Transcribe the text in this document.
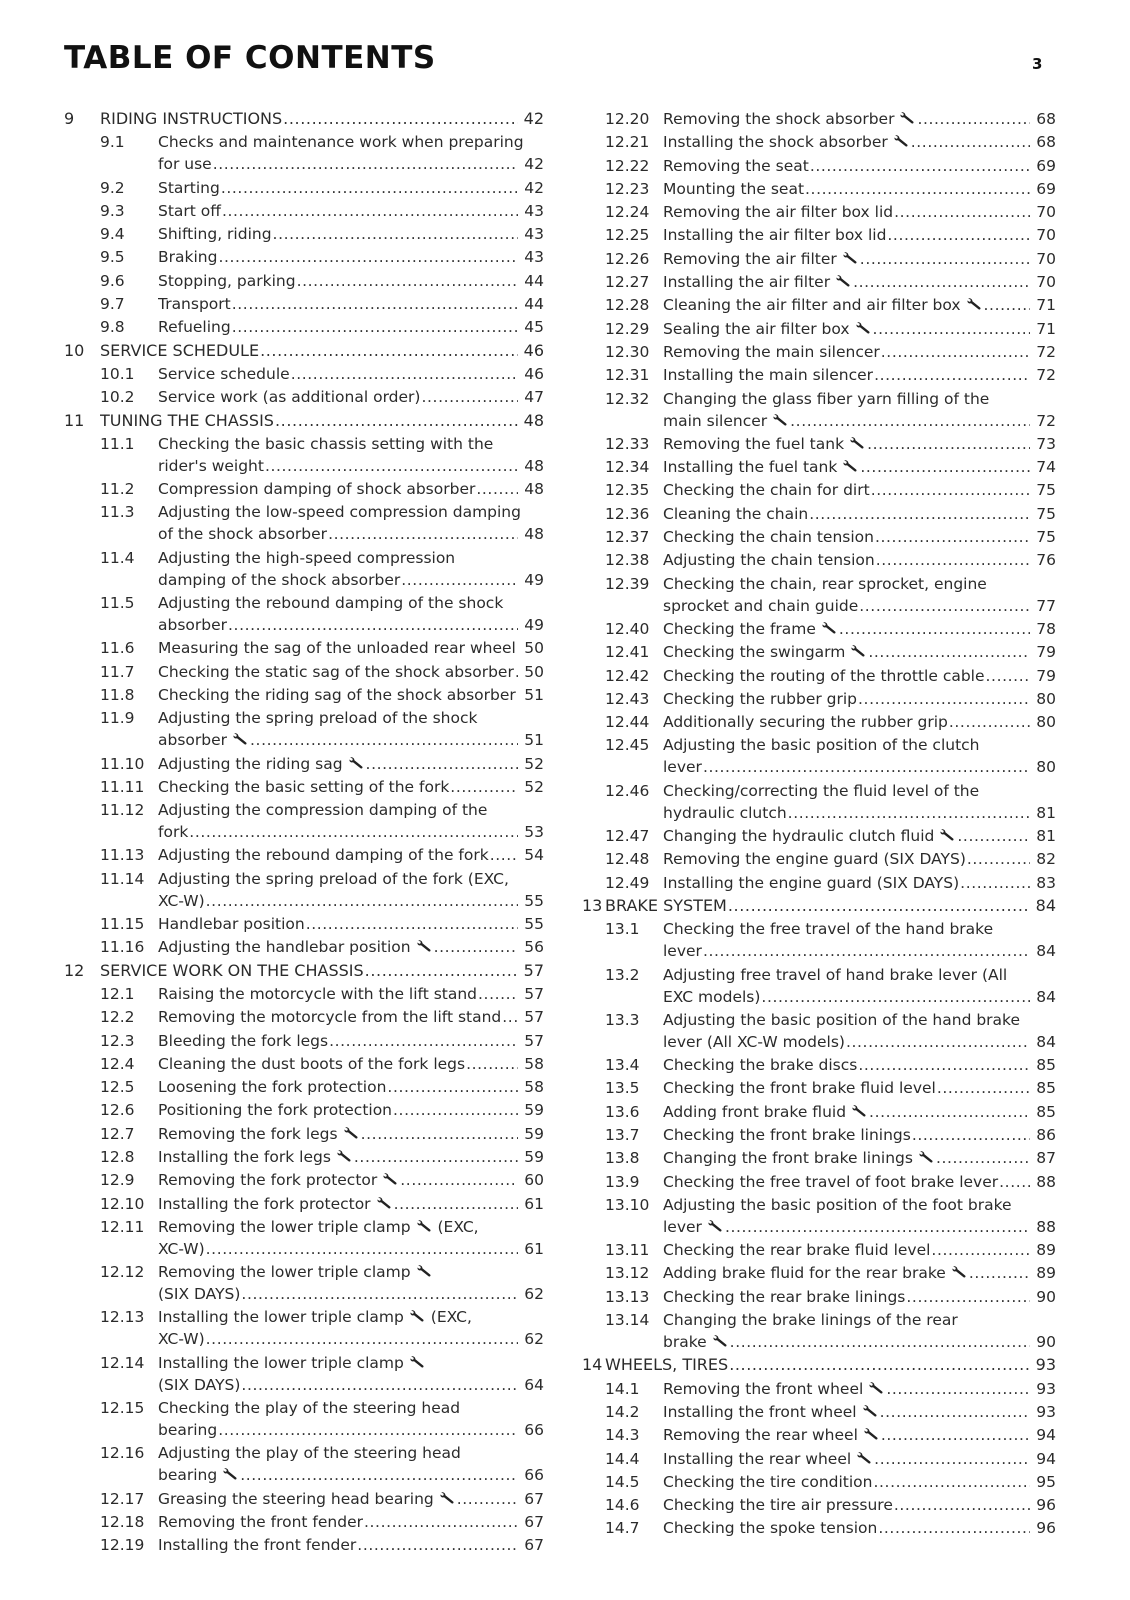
TABLE OF CONTENTS	3
9 RIDING INSTRUCTIONS .....	42
9.1 Checks and maintenance work when preparing
for use .....	42
9.2 Starting .....	42
9.3 Start off .....	43
9.4 Shifting, riding .....	43
9.5 Braking .....	43
9.6 Stopping, parking .....	44
9.7 Transport .....	44
9.8 Refueling .....	45
10 SERVICE SCHEDULE .....	46
10.1 Service schedule .....	46
10.2 Service work (as additional order) .....	47
11 TUNING THE CHASSIS .....	48
11.1 Checking the basic chassis setting with the
rider's weight .....	48
11.2 Compression damping of shock absorber .....	48
11.3 Adjusting the low-speed compression damping
of the shock absorber .....	48
11.4 Adjusting the high-speed compression
damping of the shock absorber .....	49
11.5 Adjusting the rebound damping of the shock
absorber .....	49
11.6 Measuring the sag of the unloaded rear wheel ..... 50
11.7 Checking the static sag of the shock absorber ..... 50
11.8 Checking the riding sag of the shock absorber ..... 51
11.9 Adjusting the spring preload of the shock
absorber .....	51
11.10 Adjusting the riding sag .....	52
11.11 Checking the basic setting of the fork .....	52
11.12 Adjusting the compression damping of the
fork .....	53
11.13 Adjusting the rebound damping of the fork ..... 54
11.14 Adjusting the spring preload of the fork (EXC,
XC-W) .....	55
11.15 Handlebar position .....	55
11.16 Adjusting the handlebar position .....	56
12 SERVICE WORK ON THE CHASSIS .....	57
12.1 Raising the motorcycle with the lift stand .....	57
12.2 Removing the motorcycle from the lift stand ..... 57
12.3 Bleeding the fork legs .....	57
12.4 Cleaning the dust boots of the fork legs .....	58
12.5 Loosening the fork protection .....	58
12.6 Positioning the fork protection .....	59
12.7 Removing the fork legs .....	59
12.8 Installing the fork legs .....	59
12.9 Removing the fork protector .....	60
12.10 Installing the fork protector .....	61
12.11 Removing the lower triple clamp (EXC,
XC-W) .....	61
12.12 Removing the lower triple clamp
(SIX DAYS) .....	62
12.13 Installing the lower triple clamp (EXC,
XC-W) .....	62
12.14 Installing the lower triple clamp
(SIX DAYS) .....	64
12.15 Checking the play of the steering head
bearing .....	66
12.16 Adjusting the play of the steering head
bearing .....	66
12.17 Greasing the steering head bearing .....	67
12.18 Removing the front fender .....	67
12.19 Installing the front fender .....	67
12.20 Removing the shock absorber .....	68
12.21 Installing the shock absorber .....	68
12.22 Removing the seat .....	69
12.23 Mounting the seat .....	69
12.24 Removing the air filter box lid .....	70
12.25 Installing the air filter box lid .....	70
12.26 Removing the air filter .....	70
12.27 Installing the air filter .....	70
12.28 Cleaning the air filter and air filter box .....	71
12.29 Sealing the air filter box .....	71
12.30 Removing the main silencer .....	72
12.31 Installing the main silencer .....	72
12.32 Changing the glass fiber yarn filling of the
main silencer .....	72
12.33 Removing the fuel tank .....	73
12.34 Installing the fuel tank .....	74
12.35 Checking the chain for dirt .....	75
12.36 Cleaning the chain .....	75
12.37 Checking the chain tension .....	75
12.38 Adjusting the chain tension .....	76
12.39 Checking the chain, rear sprocket, engine
sprocket and chain guide .....	77
12.40 Checking the frame .....	78
12.41 Checking the swingarm .....	79
12.42 Checking the routing of the throttle cable .....	79
12.43 Checking the rubber grip .....	80
12.44 Additionally securing the rubber grip .....	80
12.45 Adjusting the basic position of the clutch
lever .....	80
12.46 Checking/correcting the fluid level of the
hydraulic clutch .....	81
12.47 Changing the hydraulic clutch fluid .....	81
12.48 Removing the engine guard (SIX DAYS) .....	82
12.49 Installing the engine guard (SIX DAYS) .....	83
13 BRAKE SYSTEM .....	84
13.1 Checking the free travel of the hand brake
lever .....	84
13.2 Adjusting free travel of hand brake lever (All
EXC models) .....	84
13.3 Adjusting the basic position of the hand brake
lever (All XC-W models) .....	84
13.4 Checking the brake discs .....	85
13.5 Checking the front brake fluid level .....	85
13.6 Adding front brake fluid .....	85
13.7 Checking the front brake linings .....	86
13.8 Changing the front brake linings .....	87
13.9 Checking the free travel of foot brake lever ..... 88
13.10 Adjusting the basic position of the foot brake
lever .....	88
13.11 Checking the rear brake fluid level .....	89
13.12 Adding brake fluid for the rear brake .....	89
13.13 Checking the rear brake linings .....	90
13.14 Changing the brake linings of the rear
brake .....	90
14 WHEELS, TIRES .....	93
14.1 Removing the front wheel .....	93
14.2 Installing the front wheel .....	93
14.3 Removing the rear wheel .....	94
14.4 Installing the rear wheel .....	94
14.5 Checking the tire condition .....	95
14.6 Checking the tire air pressure .....	96
14.7 Checking the spoke tension .....	96
